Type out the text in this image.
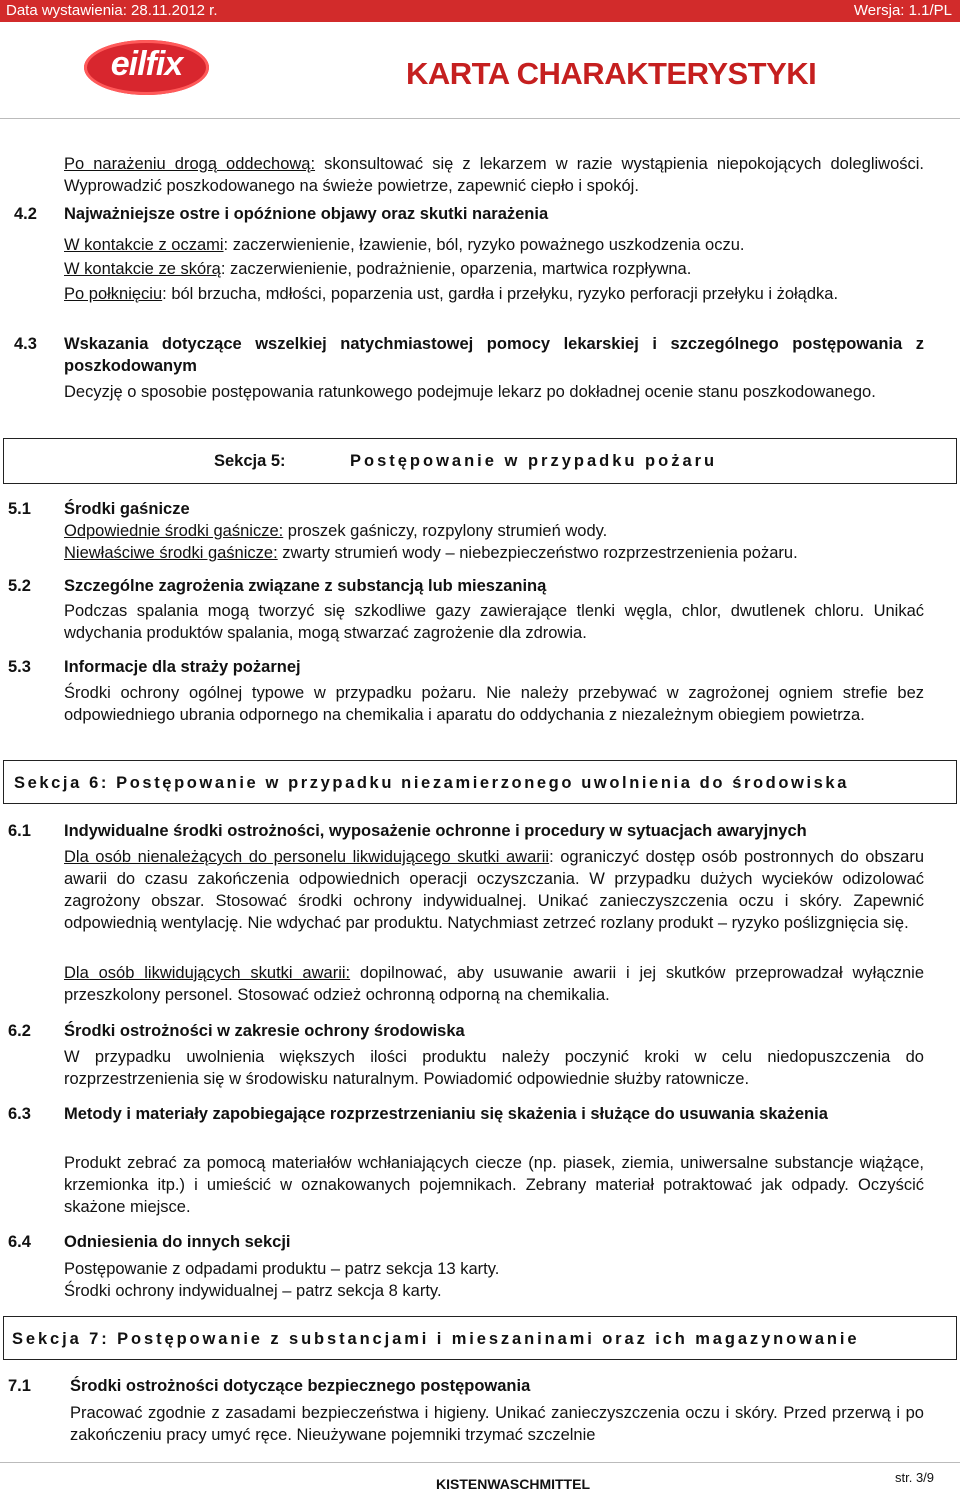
Data wystawienia: 28.11.2012 r.	Wersja: 1.1/PL
eilfix	KARTA CHARAKTERYSTYKI
Po narażeniu drogą oddechową: skonsultować się z lekarzem w razie wystąpienia niepokojących dolegliwości. Wyprowadzić poszkodowanego na świeże powietrze, zapewnić ciepło i spokój.
4.2 Najważniejsze ostre i opóźnione objawy oraz skutki narażenia
W kontakcie z oczami: zaczerwienienie, łzawienie, ból, ryzyko poważnego uszkodzenia oczu.
W kontakcie ze skórą: zaczerwienienie, podrażnienie, oparzenia, martwica rozpływna.
Po połknięciu: ból brzucha, mdłości, poparzenia ust, gardła i przełyku, ryzyko perforacji przełyku i żołądka.
4.3 Wskazania dotyczące wszelkiej natychmiastowej pomocy lekarskiej i szczególnego postępowania z poszkodowanym
Decyzję o sposobie postępowania ratunkowego podejmuje lekarz po dokładnej ocenie stanu poszkodowanego.
Sekcja 5:	Postępowanie w przypadku pożaru
5.1 Środki gaśnicze
Odpowiednie środki gaśnicze: proszek gaśniczy, rozpylony strumień wody.
Niewłaściwe środki gaśnicze: zwarty strumień wody – niebezpieczeństwo rozprzestrzenienia pożaru.
5.2 Szczególne zagrożenia związane z substancją lub mieszaniną
Podczas spalania mogą tworzyć się szkodliwe gazy zawierające tlenki węgla, chlor, dwutlenek chloru. Unikać wdychania produktów spalania, mogą stwarzać zagrożenie dla zdrowia.
5.3 Informacje dla straży pożarnej
Środki ochrony ogólnej typowe w przypadku pożaru. Nie należy przebywać w zagrożonej ogniem strefie bez odpowiedniego ubrania odpornego na chemikalia i aparatu do oddychania z niezależnym obiegiem powietrza.
Sekcja 6: Postępowanie w przypadku niezamierzonego uwolnienia do środowiska
6.1 Indywidualne środki ostrożności, wyposażenie ochronne i procedury w sytuacjach awaryjnych
Dla osób nienależących do personelu likwidującego skutki awarii: ograniczyć dostęp osób postronnych do obszaru awarii do czasu zakończenia odpowiednich operacji oczyszczania. W przypadku dużych wycieków odizolować zagrożony obszar. Stosować środki ochrony indywidualnej. Unikać zanieczyszczenia oczu i skóry. Zapewnić odpowiednią wentylację. Nie wdychać par produktu. Natychmiast zetrzeć rozlany produkt – ryzyko poślizgnięcia się.
Dla osób likwidujących skutki awarii: dopilnować, aby usuwanie awarii i jej skutków przeprowadzał wyłącznie przeszkolony personel. Stosować odzież ochronną odporną na chemikalia.
6.2 Środki ostrożności w zakresie ochrony środowiska
W przypadku uwolnienia większych ilości produktu należy poczynić kroki w celu niedopuszczenia do rozprzestrzenienia się w środowisku naturalnym. Powiadomić odpowiednie służby ratownicze.
6.3 Metody i materiały zapobiegające rozprzestrzenianiu się skażenia i służące do usuwania skażenia
Produkt zebrać za pomocą materiałów wchłaniających ciecze (np. piasek, ziemia, uniwersalne substancje wiążące, krzemionka itp.) i umieścić w oznakowanych pojemnikach. Zebrany materiał potraktować jak odpady. Oczyścić skażone miejsce.
6.4 Odniesienia do innych sekcji
Postępowanie z odpadami produktu – patrz sekcja 13 karty.
Środki ochrony indywidualnej – patrz sekcja 8 karty.
Sekcja 7: Postępowanie z substancjami i mieszaninami oraz ich magazynowanie
7.1 Środki ostrożności dotyczące bezpiecznego postępowania
Pracować zgodnie z zasadami bezpieczeństwa i higieny. Unikać zanieczyszczenia oczu i skóry. Przed przerwą i po zakończeniu pracy umyć ręce. Nieużywane pojemniki trzymać szczelnie
KISTENWASCHMITTEL	str. 3/9
